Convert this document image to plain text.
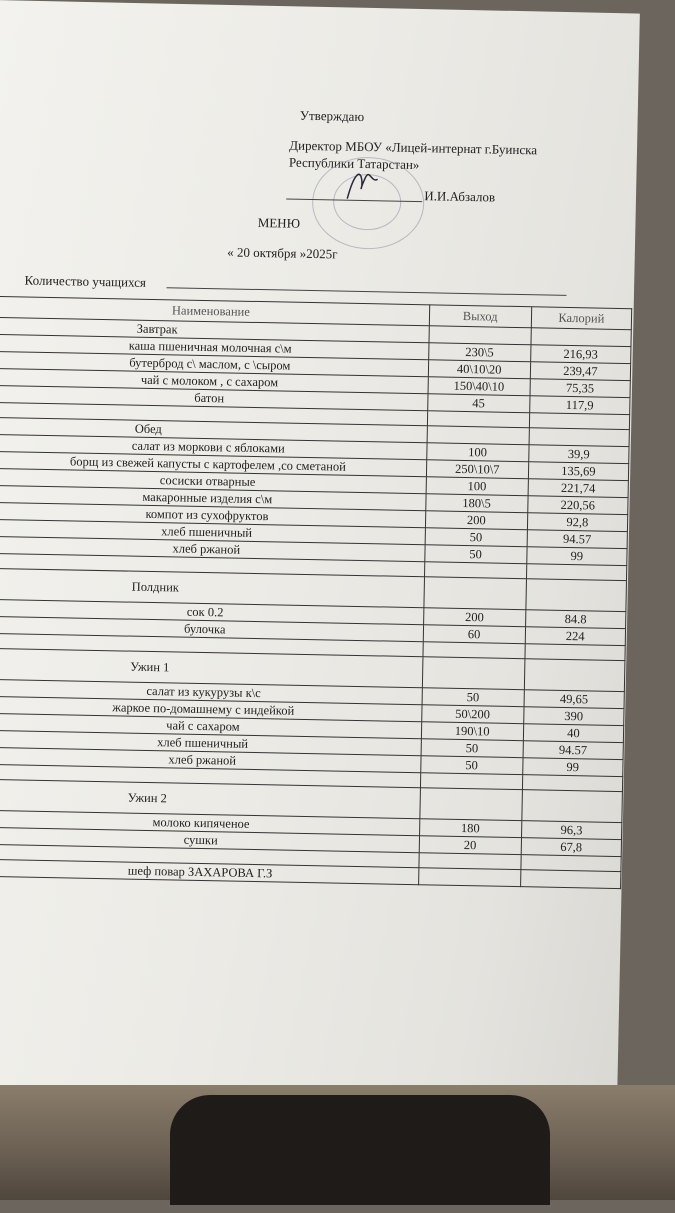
Утверждаю
Директор МБОУ «Лицей-интернат г.Буинска
Республики Татарстан»
И.И.Абзалов
МЕНЮ
« 20 октября »2025г
Количество учащихся
Наименование	Выход	Калорий
Завтрак		
каша пшеничная молочная с\м	230\5	216,93
бутерброд с\ маслом, с \сыром	40\10\20	239,47
чай с молоком , с сахаром	150\40\10	75,35
батон	45	117,9

Обед		
салат из моркови с яблоками	100	39,9
борщ из свежей капусты с картофелем ,со сметаной	250\10\7	135,69
сосиски отварные	100	221,74
макаронные изделия с\м	180\5	220,56
компот из сухофруктов	200	92,8
хлеб пшеничный	50	94.57
хлеб ржаной	50	99

Полдник		
сок 0.2	200	84.8
булочка	60	224

Ужин 1		
салат из кукурузы к\с	50	49,65
жаркое по-домашнему с индейкой	50\200	390
чай с сахаром	190\10	40
хлеб пшеничный	50	94.57
хлеб ржаной	50	99

Ужин 2		
молоко кипяченое	180	96,3
сушки	20	67,8

шеф повар ЗАХАРОВА Г.З		
